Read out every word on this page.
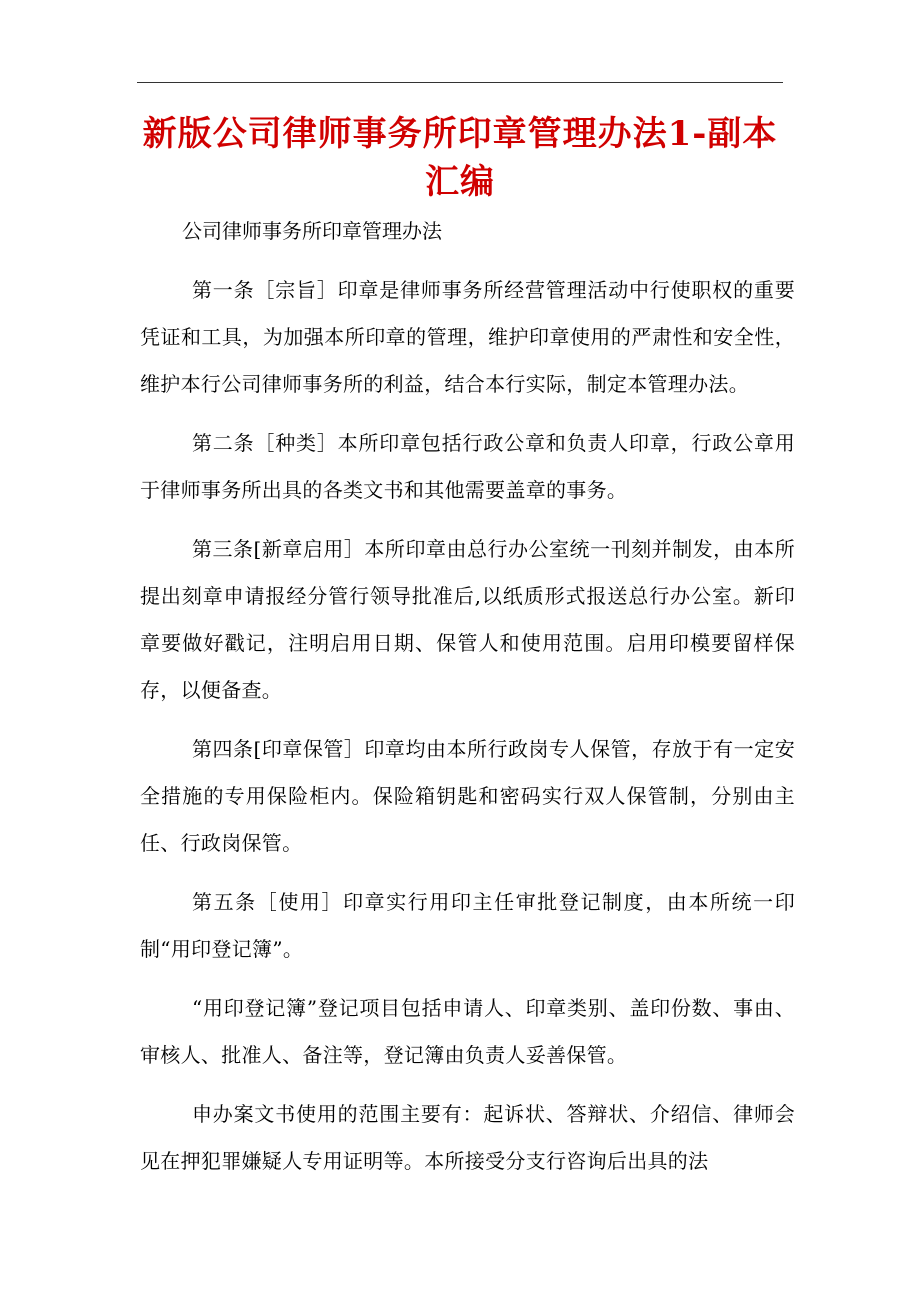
新版公司律师事务所印章管理办法1-副本汇编

公司律师事务所印章管理办法

第一条［宗旨］印章是律师事务所经营管理活动中行使职权的重要凭证和工具，为加强本所印章的管理，维护印章使用的严肃性和安全性，维护本行公司律师事务所的利益，结合本行实际，制定本管理办法。

第二条［种类］本所印章包括行政公章和负责人印章，行政公章用于律师事务所出具的各类文书和其他需要盖章的事务。

第三条[新章启用］本所印章由总行办公室统一刊刻并制发，由本所提出刻章申请报经分管行领导批准后,以纸质形式报送总行办公室。新印章要做好戳记，注明启用日期、保管人和使用范围。启用印模要留样保存，以便备查。

第四条[印章保管］印章均由本所行政岗专人保管，存放于有一定安全措施的专用保险柜内。保险箱钥匙和密码实行双人保管制，分别由主任、行政岗保管。

第五条［使用］印章实行用印主任审批登记制度，由本所统一印制“用印登记簿”。

“用印登记簿”登记项目包括申请人、印章类别、盖印份数、事由、审核人、批准人、备注等，登记簿由负责人妥善保管。

申办案文书使用的范围主要有：起诉状、答辩状、介绍信、律师会见在押犯罪嫌疑人专用证明等。本所接受分支行咨询后出具的法
